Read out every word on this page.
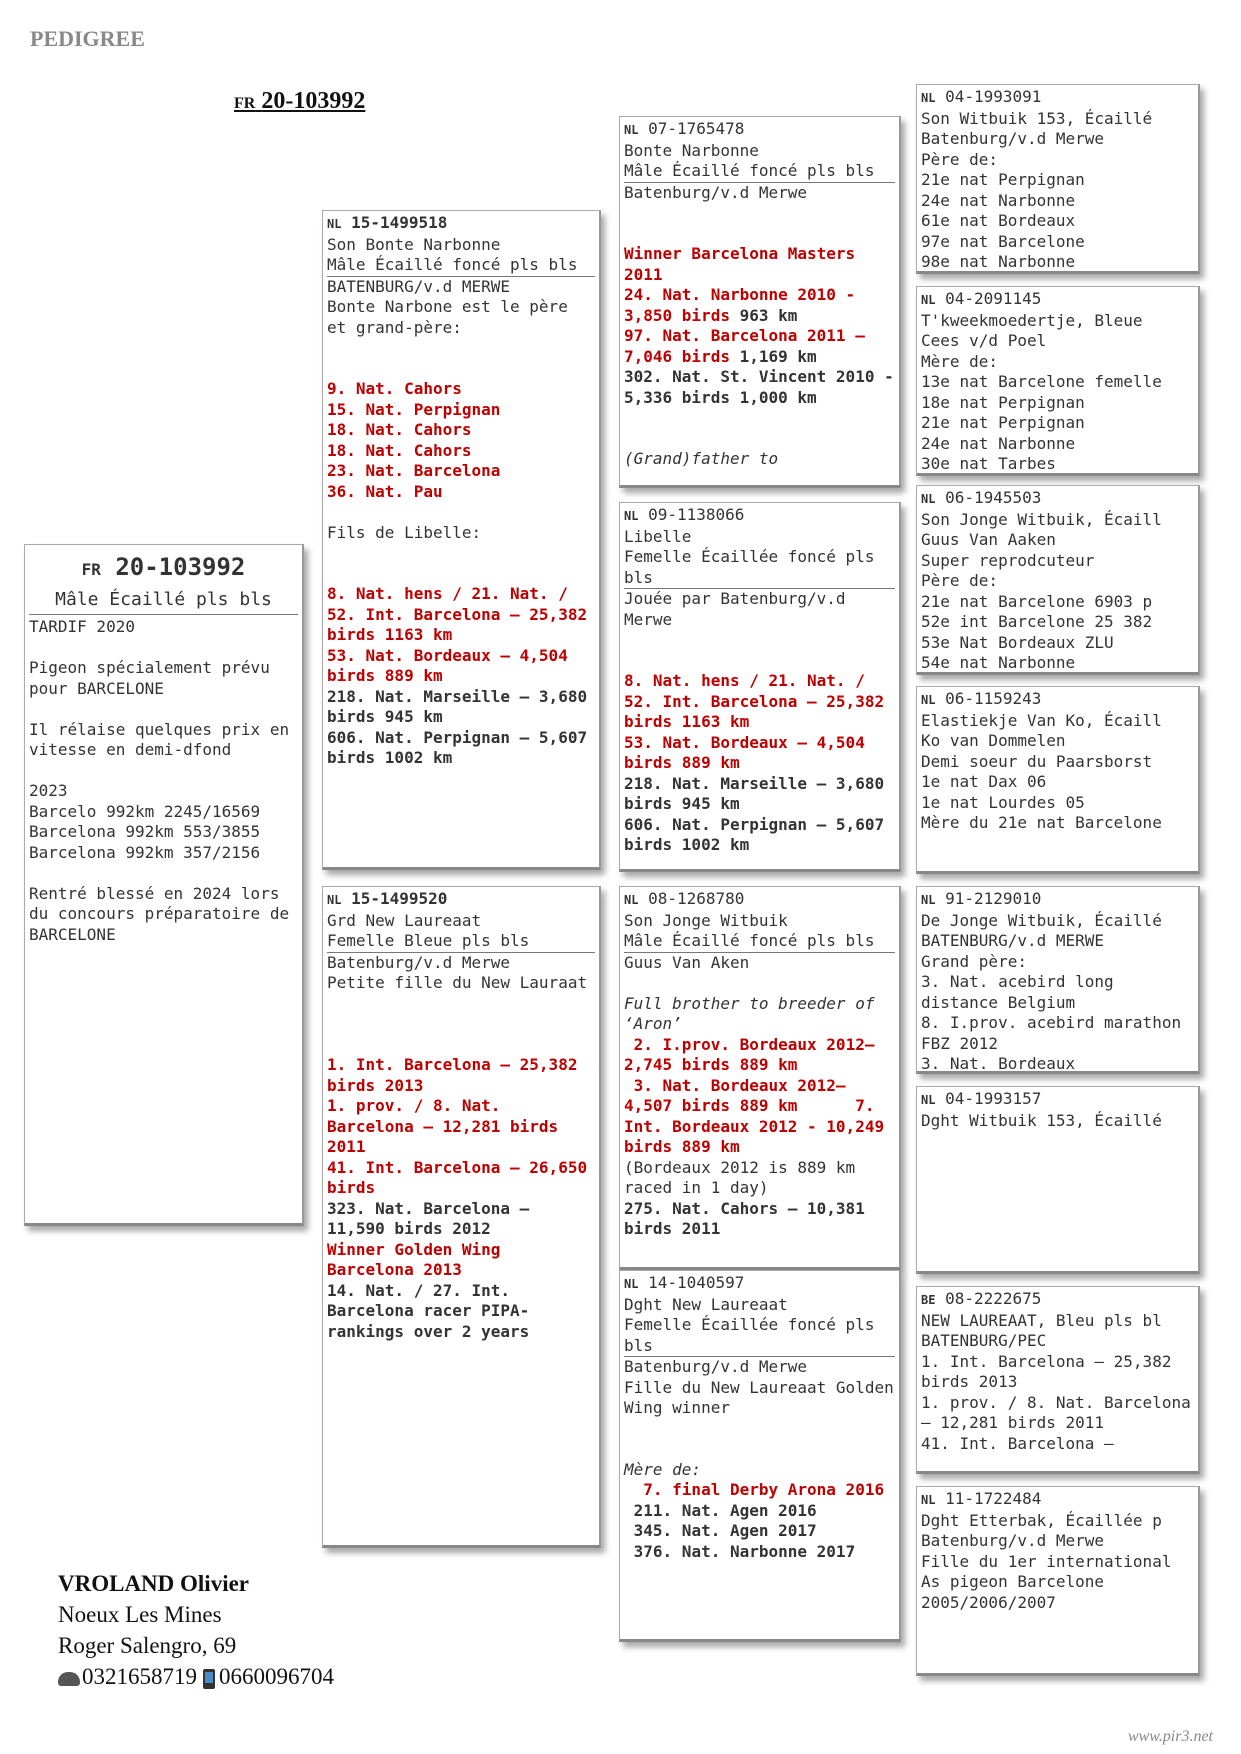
PEDIGREE
FR 20-103992
FR 20-103992
Mâle Écaillé pls bls
TARDIF 2020
Pigeon spécialement prévu pour BARCELONE
Il rélaise quelques prix en vitesse en demi-dfond
2023
Barcelo 992km 2245/16569
Barcelona 992km 553/3855
Barcelona 992km 357/2156
Rentré blessé en 2024 lors du concours préparatoire de BARCELONE
NL 15-1499518
Son Bonte Narbonne
Mâle Écaillé foncé pls bls
BATENBURG/v.d MERWE
Bonte Narbone est le père et grand-père:
9. Nat. Cahors
15. Nat. Perpignan
18. Nat. Cahors
18. Nat. Cahors
23. Nat. Barcelona
36. Nat. Pau
Fils de Libelle:
8. Nat. hens / 21. Nat. / 52. Int. Barcelona – 25,382 birds 1163 km
53. Nat. Bordeaux – 4,504 birds 889 km
218. Nat. Marseille – 3,680 birds 945 km
606. Nat. Perpignan – 5,607 birds 1002 km
NL 15-1499520
Grd New Laureaat
Femelle Bleue pls bls
Batenburg/v.d Merwe
Petite fille du New Lauraat
1. Int. Barcelona – 25,382 birds 2013
1. prov. / 8. Nat. Barcelona – 12,281 birds 2011
41. Int. Barcelona – 26,650 birds
323. Nat. Barcelona – 11,590 birds 2012
Winner Golden Wing Barcelona 2013
14. Nat. / 27. Int. Barcelona racer PIPA-rankings over 2 years
NL 07-1765478
Bonte Narbonne
Mâle Écaillé foncé pls bls
Batenburg/v.d Merwe
Winner Barcelona Masters 2011
24. Nat. Narbonne 2010 - 3,850 birds 963 km
97. Nat. Barcelona 2011 – 7,046 birds 1,169 km
302. Nat. St. Vincent 2010 - 5,336 birds 1,000 km
(Grand)father to
NL 09-1138066
Libelle
Femelle Écaillée foncé pls bls
Jouée par Batenburg/v.d Merwe
8. Nat. hens / 21. Nat. / 52. Int. Barcelona – 25,382 birds 1163 km
53. Nat. Bordeaux – 4,504 birds 889 km
218. Nat. Marseille – 3,680 birds 945 km
606. Nat. Perpignan – 5,607 birds 1002 km
NL 08-1268780
Son Jonge Witbuik
Mâle Écaillé foncé pls bls
Guus Van Aken
Full brother to breeder of ‘Aron’
2. I.prov. Bordeaux 2012– 2,745 birds 889 km
3. Nat. Bordeaux 2012– 4,507 birds 889 km      7. Int. Bordeaux 2012 - 10,249 birds 889 km
(Bordeaux 2012 is 889 km raced in 1 day)
275. Nat. Cahors – 10,381 birds 2011
NL 14-1040597
Dght New Laureaat
Femelle Écaillée foncé pls bls
Batenburg/v.d Merwe
Fille du New Laureaat Golden Wing winner
Mère de:
7. final Derby Arona 2016
211. Nat. Agen 2016
345. Nat. Agen 2017
376. Nat. Narbonne 2017
NL 04-1993091
Son Witbuik 153, Écaillé
Batenburg/v.d Merwe
Père de:
21e nat Perpignan
24e nat Narbonne
61e nat Bordeaux
97e nat Barcelone
98e nat Narbonne
NL 04-2091145
T'kweekmoedertje, Bleue
Cees v/d Poel
Mère de:
13e nat Barcelone femelle
18e nat Perpignan
21e nat Perpignan
24e nat Narbonne
30e nat Tarbes
NL 06-1945503
Son Jonge Witbuik, Écaill
Guus Van Aaken
Super reprodcuteur
Père de:
21e nat Barcelone 6903 p
52e int Barcelone 25 382
53e Nat Bordeaux ZLU
54e nat Narbonne
NL 06-1159243
Elastiekje Van Ko, Écaill
Ko van Dommelen
Demi soeur du Paarsborst
1e nat Dax 06
1e nat Lourdes 05
Mère du 21e nat Barcelone
NL 91-2129010
De Jonge Witbuik, Écaillé
BATENBURG/v.d MERWE
Grand père:
3. Nat. acebird long distance Belgium
8. I.prov. acebird marathon FBZ 2012
3. Nat. Bordeaux
NL 04-1993157
Dght Witbuik 153, Écaillé
BE 08-2222675
NEW LAUREAAT, Bleu pls bl
BATENBURG/PEC
1. Int. Barcelona – 25,382 birds 2013
1. prov. / 8. Nat. Barcelona – 12,281 birds 2011
41. Int. Barcelona –
NL 11-1722484
Dght Etterbak, Écaillée p
Batenburg/v.d Merwe
Fille du 1er international
As pigeon Barcelone
2005/2006/2007
VROLAND Olivier
Noeux Les Mines
Roger Salengro, 69
0321658719 0660096704
www.pir3.net
